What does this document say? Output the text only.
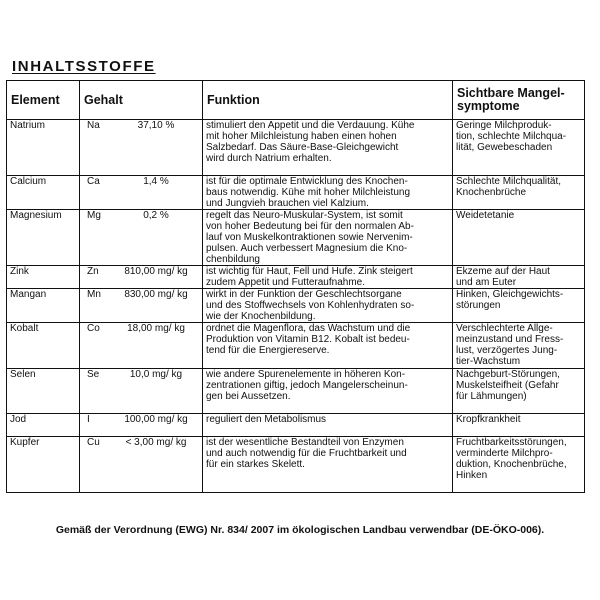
INHALTSSTOFFE
Element	Gehalt	Funktion	Sichtbare Mangel-
symptome
Natrium	Na 37,10 %	stimuliert den Appetit und die Verdauung. Kühe
mit hoher Milchleistung haben einen hohen
Salzbedarf. Das Säure-Base-Gleichgewicht
wird durch Natrium erhalten.	Geringe Milchproduk-
tion, schlechte Milchqua-
lität, Gewebeschaden
Calcium	Ca 1,4 %	ist für die optimale Entwicklung des Knochen-
baus notwendig. Kühe mit hoher Milchleistung
und Jungvieh brauchen viel Kalzium.	Schlechte Milchqualität,
Knochenbrüche
Magnesium	Mg 0,2 %	regelt das Neuro-Muskular-System, ist somit
von hoher Bedeutung bei für den normalen Ab-
lauf von Muskelkontraktionen sowie Nervenim-
pulsen. Auch verbessert Magnesium die Kno-
chenbildung	Weidetetanie
Zink	Zn 810,00 mg/ kg	ist wichtig für Haut, Fell und Hufe. Zink steigert
zudem Appetit und Futteraufnahme.	Ekzeme auf der Haut
und am Euter
Mangan	Mn 830,00 mg/ kg	wirkt in der Funktion der Geschlechtsorgane
und des Stoffwechsels von Kohlenhydraten so-
wie der Knochenbildung.	Hinken, Gleichgewichts-
störungen
Kobalt	Co 18,00 mg/ kg	ordnet die Magenflora, das Wachstum und die
Produktion von Vitamin B12. Kobalt ist bedeu-
tend für die Energiereserve.	Verschlechterte Allge-
meinzustand und Fress-
lust, verzögertes Jung-
tier-Wachstum
Selen	Se 10,0 mg/ kg	wie andere Spurenelemente in höheren Kon-
zentrationen giftig, jedoch Mangelerscheinun-
gen bei Aussetzen.	Nachgeburt-Störungen,
Muskelsteifheit (Gefahr
für Lähmungen)
Jod	I 100,00 mg/ kg	reguliert den Metabolismus	Kropfkrankheit
Kupfer	Cu < 3,00 mg/ kg	ist der wesentliche Bestandteil von Enzymen
und auch notwendig für die Fruchtbarkeit und
für ein starkes Skelett.	Fruchtbarkeitsstörungen,
verminderte Milchpro-
duktion, Knochenbrüche,
Hinken
Gemäß der Verordnung (EWG) Nr. 834/ 2007 im ökologischen Landbau verwendbar (DE-ÖKO-006).
